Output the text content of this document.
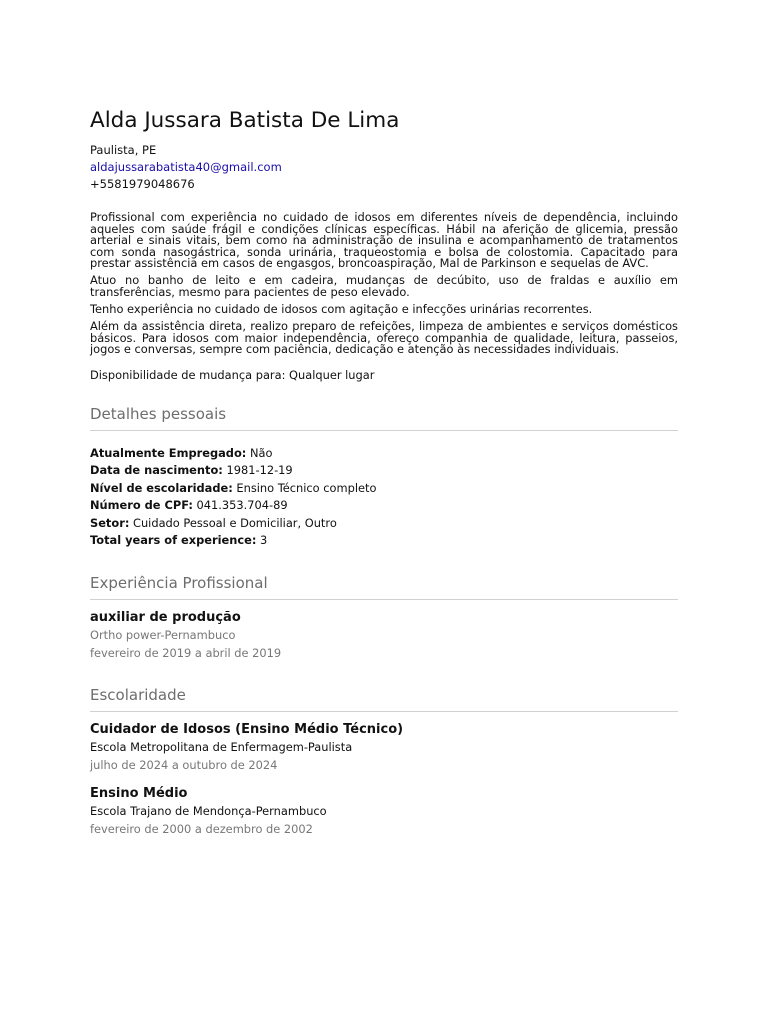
Alda Jussara Batista De Lima
Paulista, PE
aldajussarabatista40@gmail.com
+5581979048676

Profissional com experiência no cuidado de idosos em diferentes níveis de dependência, incluindo aqueles com saúde frágil e condições clínicas específicas. Hábil na aferição de glicemia, pressão arterial e sinais vitais, bem como na administração de insulina e acompanhamento de tratamentos com sonda nasogástrica, sonda urinária, traqueostomia e bolsa de colostomia. Capacitado para prestar assistência em casos de engasgos, broncoaspiração, Mal de Parkinson e sequelas de AVC.

Atuo no banho de leito e em cadeira, mudanças de decúbito, uso de fraldas e auxílio em transferências, mesmo para pacientes de peso elevado.

Tenho experiência no cuidado de idosos com agitação e infecções urinárias recorrentes.

Além da assistência direta, realizo preparo de refeições, limpeza de ambientes e serviços domésticos básicos. Para idosos com maior independência, ofereço companhia de qualidade, leitura, passeios, jogos e conversas, sempre com paciência, dedicação e atenção às necessidades individuais.

Disponibilidade de mudança para: Qualquer lugar
Detalhes pessoais
Atualmente Empregado: Não
Data de nascimento: 1981-12-19
Nível de escolaridade: Ensino Técnico completo
Número de CPF: 041.353.704-89
Setor: Cuidado Pessoal e Domiciliar, Outro
Total years of experience: 3
Experiência Profissional
auxiliar de produção
Ortho power-Pernambuco
fevereiro de 2019 a abril de 2019
Escolaridade
Cuidador de Idosos (Ensino Médio Técnico)
Escola Metropolitana de Enfermagem-Paulista
julho de 2024 a outubro de 2024
Ensino Médio
Escola Trajano de Mendonça-Pernambuco
fevereiro de 2000 a dezembro de 2002
